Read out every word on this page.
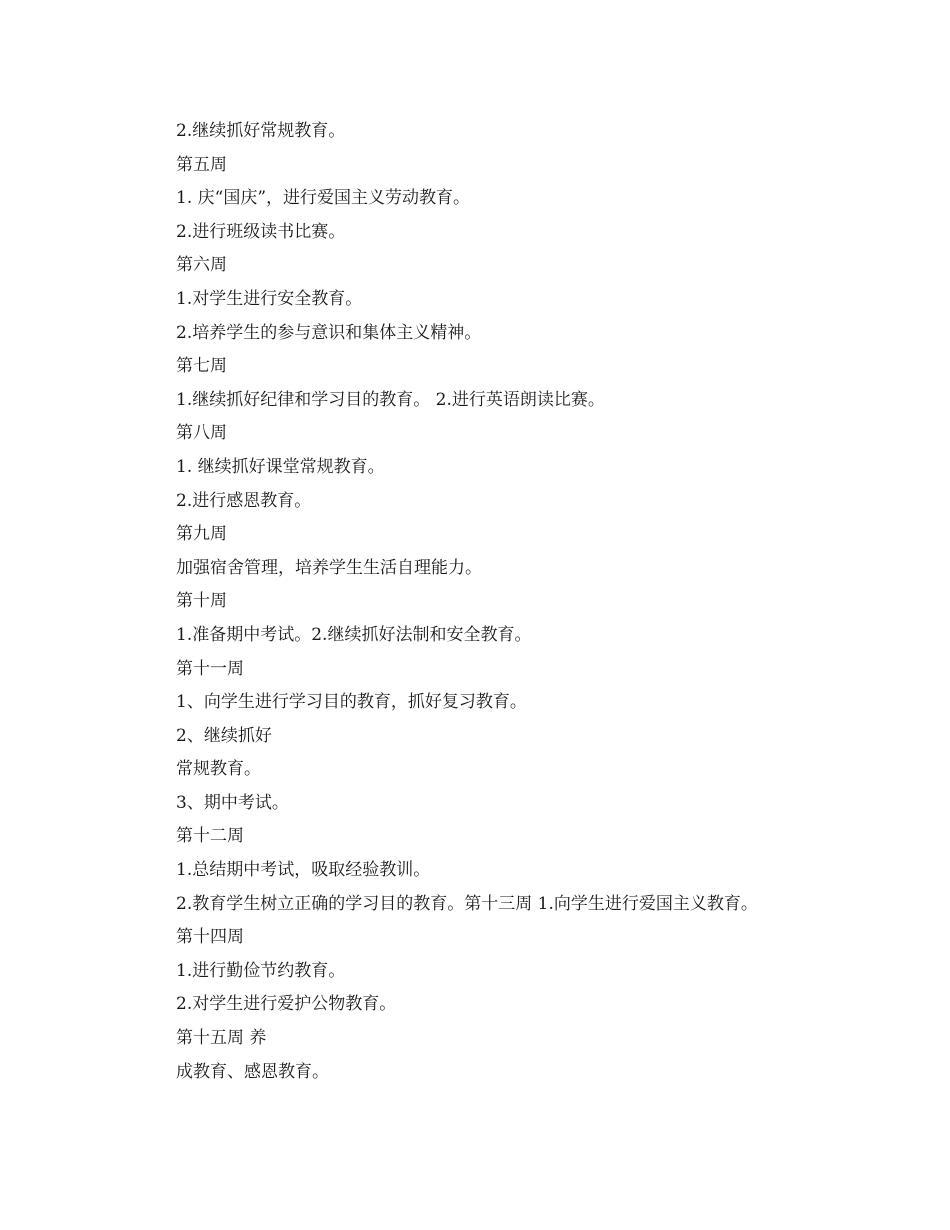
2.继续抓好常规教育。
第五周
1. 庆“国庆”，进行爱国主义劳动教育。
2.进行班级读书比赛。
第六周
1.对学生进行安全教育。
2.培养学生的参与意识和集体主义精神。
第七周
1.继续抓好纪律和学习目的教育。 2.进行英语朗读比赛。
第八周
1. 继续抓好课堂常规教育。
2.进行感恩教育。
第九周
加强宿舍管理，培养学生生活自理能力。
第十周
1.准备期中考试。2.继续抓好法制和安全教育。
第十一周
1、向学生进行学习目的教育，抓好复习教育。
2、继续抓好
常规教育。
3、期中考试。
第十二周
1.总结期中考试，吸取经验教训。
2.教育学生树立正确的学习目的教育。第十三周 1.向学生进行爱国主义教育。
第十四周
1.进行勤俭节约教育。
2.对学生进行爱护公物教育。
第十五周 养
成教育、感恩教育。
